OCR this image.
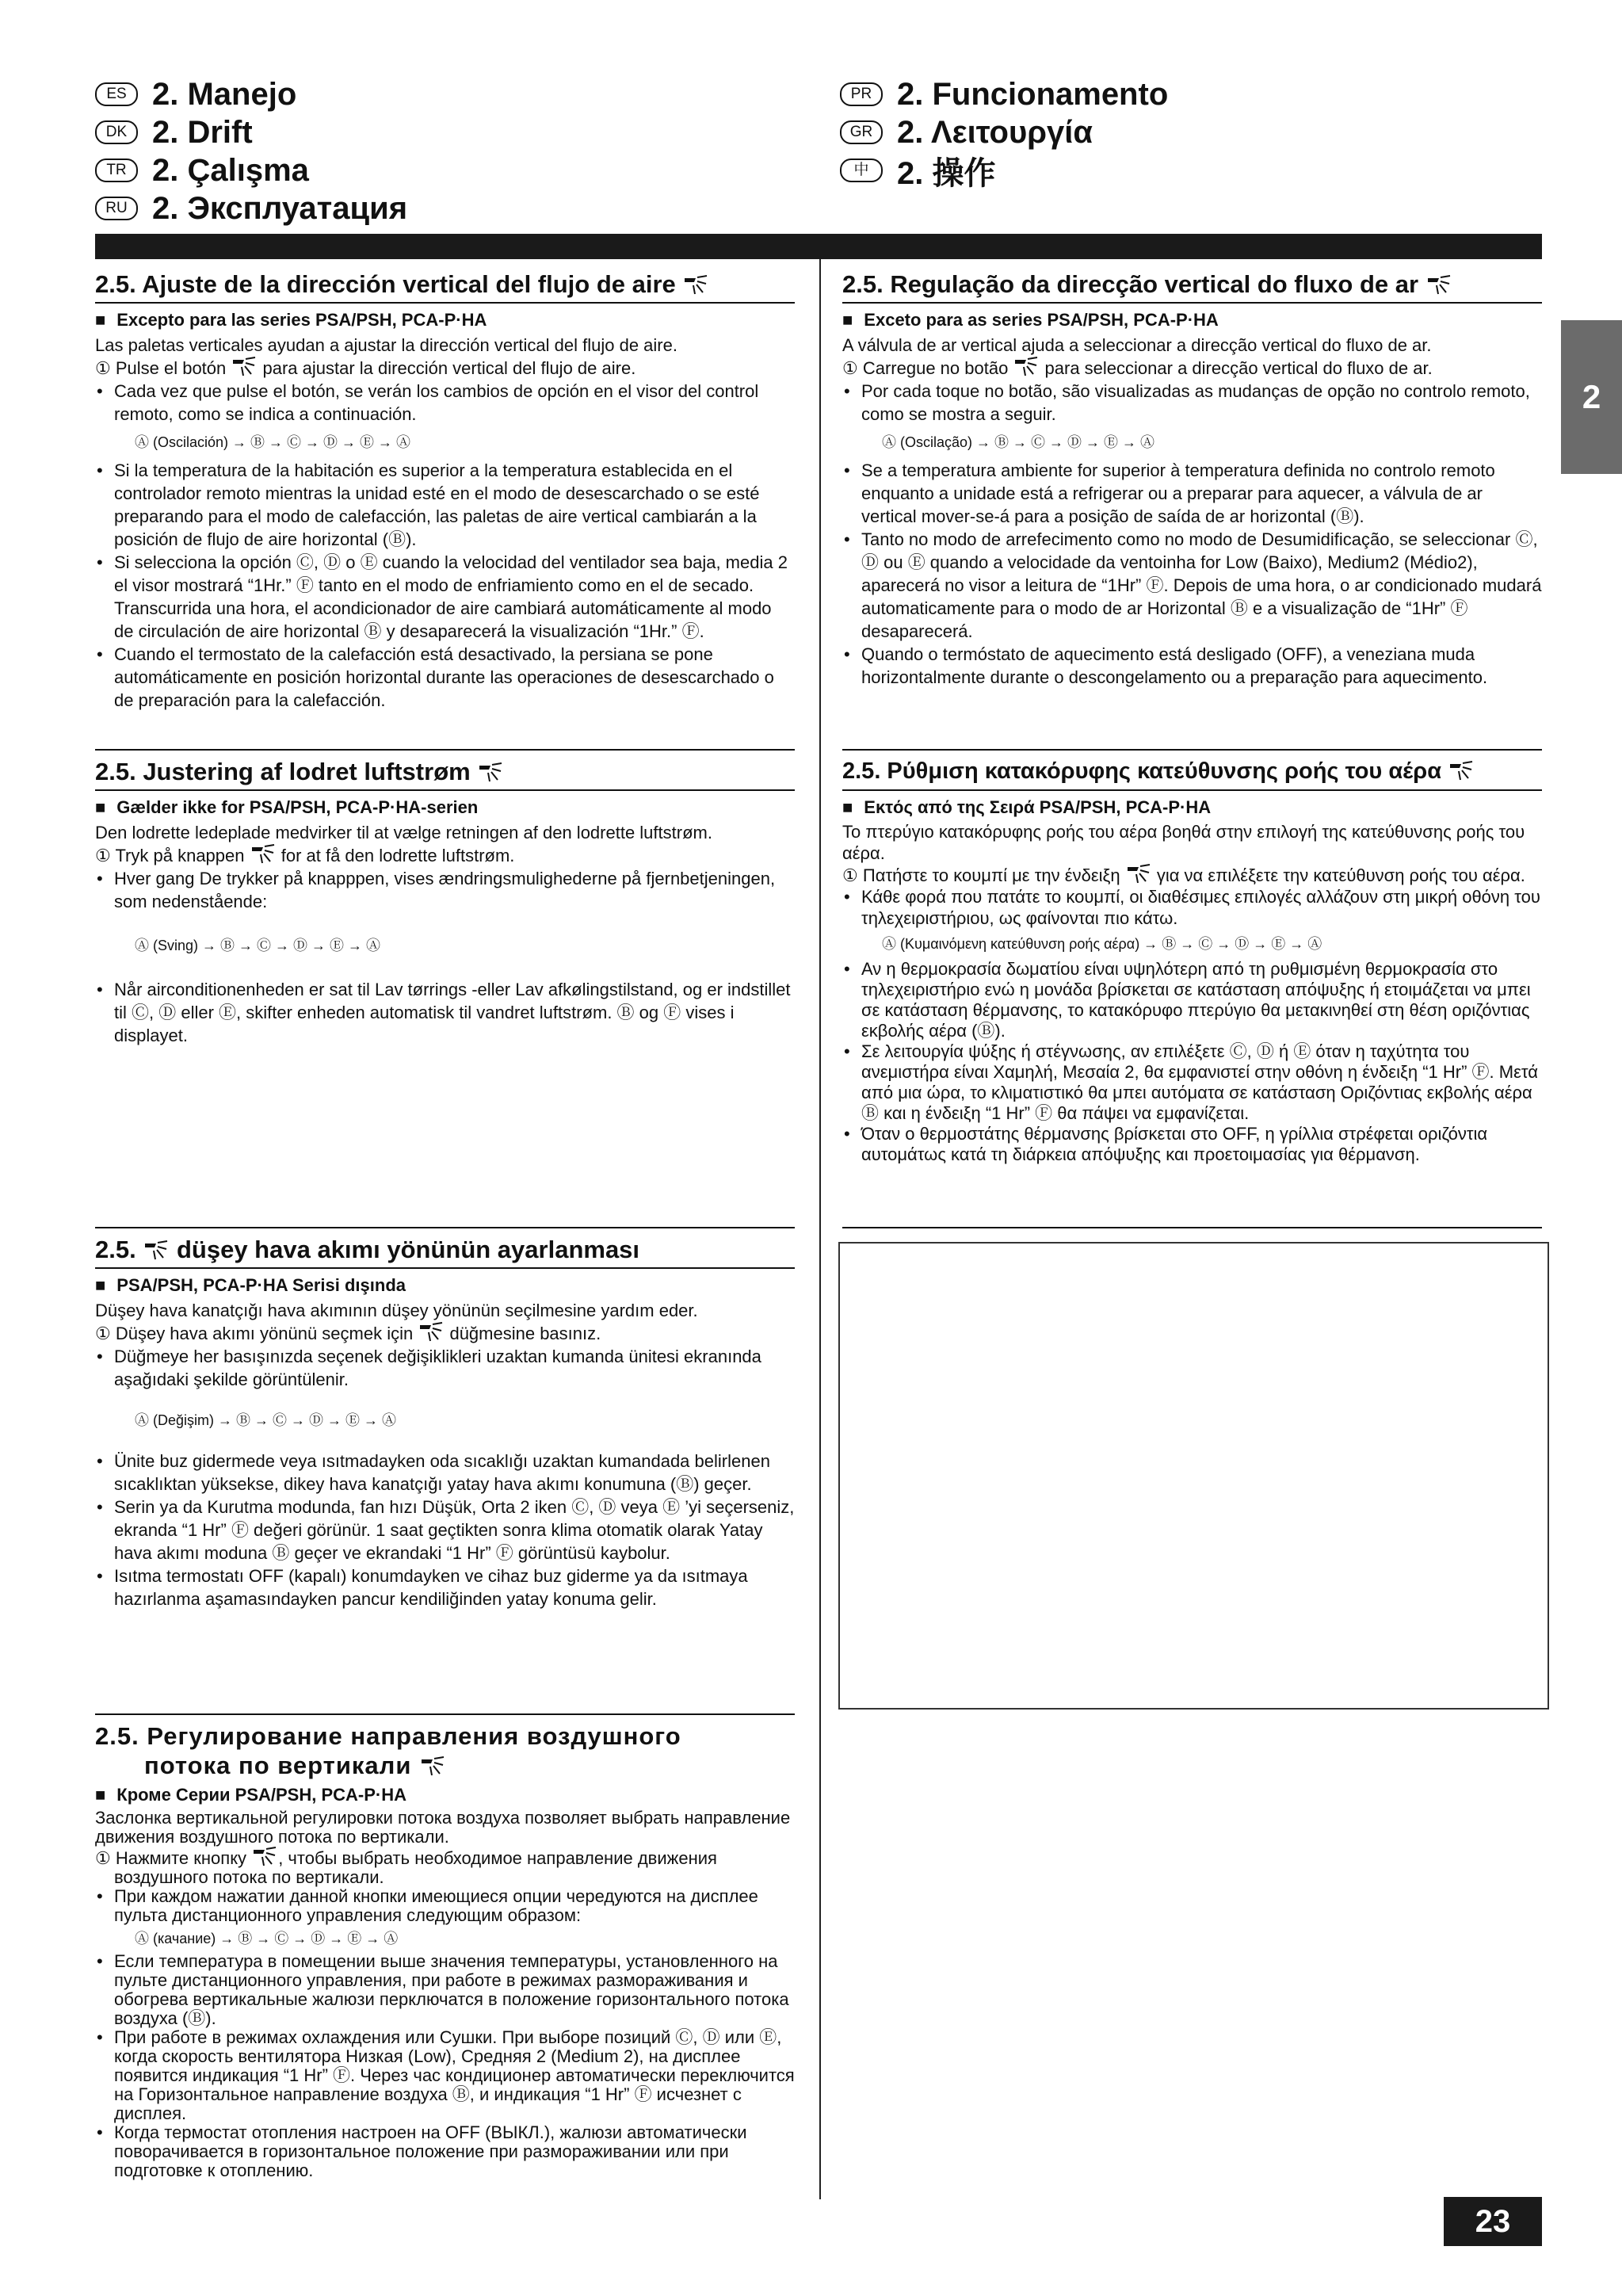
ES 2. Manejo
DK 2. Drift
TR 2. Çalışma
RU 2. Эксплуатация
PR 2. Funcionamento
GR 2. Λειτουργία
中 2. 操作
2
2.5. Ajuste de la dirección vertical del flujo de aire
■ Excepto para las series PSA/PSH, PCA-P·HA

Las paletas verticales ayudan a ajustar la dirección vertical del flujo de aire.

① Pulse el botón  para ajustar la dirección vertical del flujo de aire.

• Cada vez que pulse el botón, se verán los cambios de opción en el visor del control remoto, como se indica a continuación.

Ⓐ (Oscilación) → Ⓑ → Ⓒ → Ⓓ → Ⓔ → Ⓐ

• Si la temperatura de la habitación es superior a la temperatura establecida en el controlador remoto mientras la unidad esté en el modo de desescarchado o se esté preparando para el modo de calefacción, las paletas de aire vertical cambiarán a la posición de flujo de aire horizontal (Ⓑ).

• Si selecciona la opción Ⓒ, Ⓓ o Ⓔ cuando la velocidad del ventilador sea baja, media 2 el visor mostrará “1Hr.” Ⓕ tanto en el modo de enfriamiento como en el de secado. Transcurrida una hora, el acondicionador de aire cambiará automáticamente al modo de circulación de aire horizontal Ⓑ y desaparecerá la visualización “1Hr.” Ⓕ.

• Cuando el termostato de la calefacción está desactivado, la persiana se pone automáticamente en posición horizontal durante las operaciones de desescarchado o de preparación para la calefacción.

2.5. Regulação da direcção vertical do fluxo de ar
■ Exceto para as series PSA/PSH, PCA-P·HA

A válvula de ar vertical ajuda a seleccionar a direcção vertical do fluxo de ar.

① Carregue no botão  para seleccionar a direcção vertical do fluxo de ar.

• Por cada toque no botão, são visualizadas as mudanças de opção no controlo remoto, como se mostra a seguir.

Ⓐ (Oscilação) → Ⓑ → Ⓒ → Ⓓ → Ⓔ → Ⓐ

• Se a temperatura ambiente for superior à temperatura definida no controlo remoto enquanto a unidade está a refrigerar ou a preparar para aquecer, a válvula de ar vertical mover-se-á para a posição de saída de ar horizontal (Ⓑ).

• Tanto no modo de arrefecimento como no modo de Desumidificação, se seleccionar Ⓒ, Ⓓ ou Ⓔ quando a velocidade da ventoinha for Low (Baixo), Medium2 (Médio2), aparecerá no visor a leitura de “1Hr” Ⓕ. Depois de uma hora, o ar condicionado mudará automaticamente para o modo de ar Horizontal Ⓑ e a visualização de “1Hr” Ⓕ desaparecerá.

• Quando o termóstato de aquecimento está desligado (OFF), a veneziana muda horizontalmente durante o descongelamento ou a preparação para aquecimento.

2.5. Justering af lodret luftstrøm
■ Gælder ikke for PSA/PSH, PCA-P·HA-serien

Den lodrette ledeplade medvirker til at vælge retningen af den lodrette luftstrøm.

① Tryk på knappen  for at få den lodrette luftstrøm.

• Hver gang De trykker på knapppen, vises ændringsmulighederne på fjernbetjeningen, som nedenstående:

Ⓐ (Sving) → Ⓑ → Ⓒ → Ⓓ → Ⓔ → Ⓐ

• Når airconditionenheden er sat til Lav tørrings -eller Lav afkølingstilstand, og er indstillet til Ⓒ, Ⓓ eller Ⓔ, skifter enheden automatisk til vandret luftstrøm. Ⓑ og Ⓕ vises i displayet.

2.5. Ρύθμιση κατακόρυφης κατεύθυνσης ροής του αέρα
■ Εκτός από της Σειρά PSA/PSH, PCA-P·HA

Το πτερύγιο κατακόρυφης ροής του αέρα βοηθά στην επιλογή της κατεύθυνσης ροής του αέρα.

① Πατήστε το κουμπί με την ένδειξη  για να επιλέξετε την κατεύθυνση ροής του αέρα.

• Κάθε φορά που πατάτε το κουμπί, οι διαθέσιμες επιλογές αλλάζουν στη μικρή οθόνη του τηλεχειριστήριου, ως φαίνονται πιο κάτω.

Ⓐ (Κυμαινόμενη κατεύθυνση ροής αέρα) → Ⓑ → Ⓒ → Ⓓ → Ⓔ → Ⓐ

• Αν η θερμοκρασία δωματίου είναι υψηλότερη από τη ρυθμισμένη θερμοκρασία στο τηλεχειριστήριο ενώ η μονάδα βρίσκεται σε κατάσταση απόψυξης ή ετοιμάζεται να μπει σε κατάσταση θέρμανσης, το κατακόρυφο πτερύγιο θα μετακινηθεί στη θέση οριζόντιας εκβολής αέρα (Ⓑ).

• Σε λειτουργία ψύξης ή στέγνωσης, αν επιλέξετε Ⓒ, Ⓓ ή Ⓔ όταν η ταχύτητα του ανεμιστήρα είναι Χαμηλή, Μεσαία 2, θα εμφανιστεί στην οθόνη η ένδειξη “1 Hr” Ⓕ. Μετά από μια ώρα, το κλιματιστικό θα μπει αυτόματα σε κατάσταση Οριζόντιας εκβολής αέρα Ⓑ και η ένδειξη “1 Hr” Ⓕ θα πάψει να εμφανίζεται.

• Όταν ο θερμοστάτης θέρμανσης βρίσκεται στο OFF, η γρίλλια στρέφεται οριζόντια αυτομάτως κατά τη διάρκεια απόψυξης και προετοιμασίας για θέρμανση.

2.5. düşey hava akımı yönünün ayarlanması
■ PSA/PSH, PCA-P·HA Serisi dışında

Düşey hava kanatçığı hava akımının düşey yönünün seçilmesine yardım eder.

① Düşey hava akımı yönünü seçmek için  düğmesine basınız.

• Düğmeye her basışınızda seçenek değişiklikleri uzaktan kumanda ünitesi ekranında aşağıdaki şekilde görüntülenir.

Ⓐ (Değişim) → Ⓑ → Ⓒ → Ⓓ → Ⓔ → Ⓐ

• Ünite buz gidermede veya ısıtmadayken oda sıcaklığı uzaktan kumandada belirlenen sıcaklıktan yüksekse, dikey hava kanatçığı yatay hava akımı konumuna (Ⓑ) geçer.

• Serin ya da Kurutma modunda, fan hızı Düşük, Orta 2 iken Ⓒ, Ⓓ veya Ⓔ ’yi seçerseniz, ekranda “1 Hr” Ⓕ değeri görünür. 1 saat geçtikten sonra klima otomatik olarak Yatay hava akımı moduna Ⓑ geçer ve ekrandaki “1 Hr” Ⓕ görüntüsü kaybolur.

• Isıtma termostatı OFF (kapalı) konumdayken ve cihaz buz giderme ya da ısıtmaya hazırlanma aşamasındayken pancur kendiliğinden yatay konuma gelir.

2.5. Регулирование направления воздушного
потока по вертикали
■ Кроме Серии PSA/PSH, PCA-P·HA

Заслонка вертикальной регулировки потока воздуха позволяет выбрать направление движения воздушного потока по вертикали.

① Нажмите кнопку , чтобы выбрать необходимое направление движения воздушного потока по вертикали.

• При каждом нажатии данной кнопки имеющиеся опции чередуются на дисплее пульта дистанционного управления следующим образом:

Ⓐ (качание) → Ⓑ → Ⓒ → Ⓓ → Ⓔ → Ⓐ

• Если температура в помещении выше значения температуры, установленного на пульте дистанционного управления, при работе в режимах размораживания и обогрева вертикальные жалюзи перключатся в положение горизонтального потока воздуха (Ⓑ).

• При работе в режимах охлаждения или Сушки. При выборе позиций Ⓒ, Ⓓ или Ⓔ, когда скорость вентилятора Низкая (Low), Средняя 2 (Medium 2), на дисплее появится индикация “1 Hr” Ⓕ. Через час кондиционер автоматически переключится на Горизонтальное направление воздуха Ⓑ, и индикация “1 Hr” Ⓕ исчезнет с дисплея.

• Когда термостат отопления настроен на OFF (ВЫКЛ.), жалюзи автоматически поворачивается в горизонтальное положение при размораживании или при подготовке к отоплению.

23
